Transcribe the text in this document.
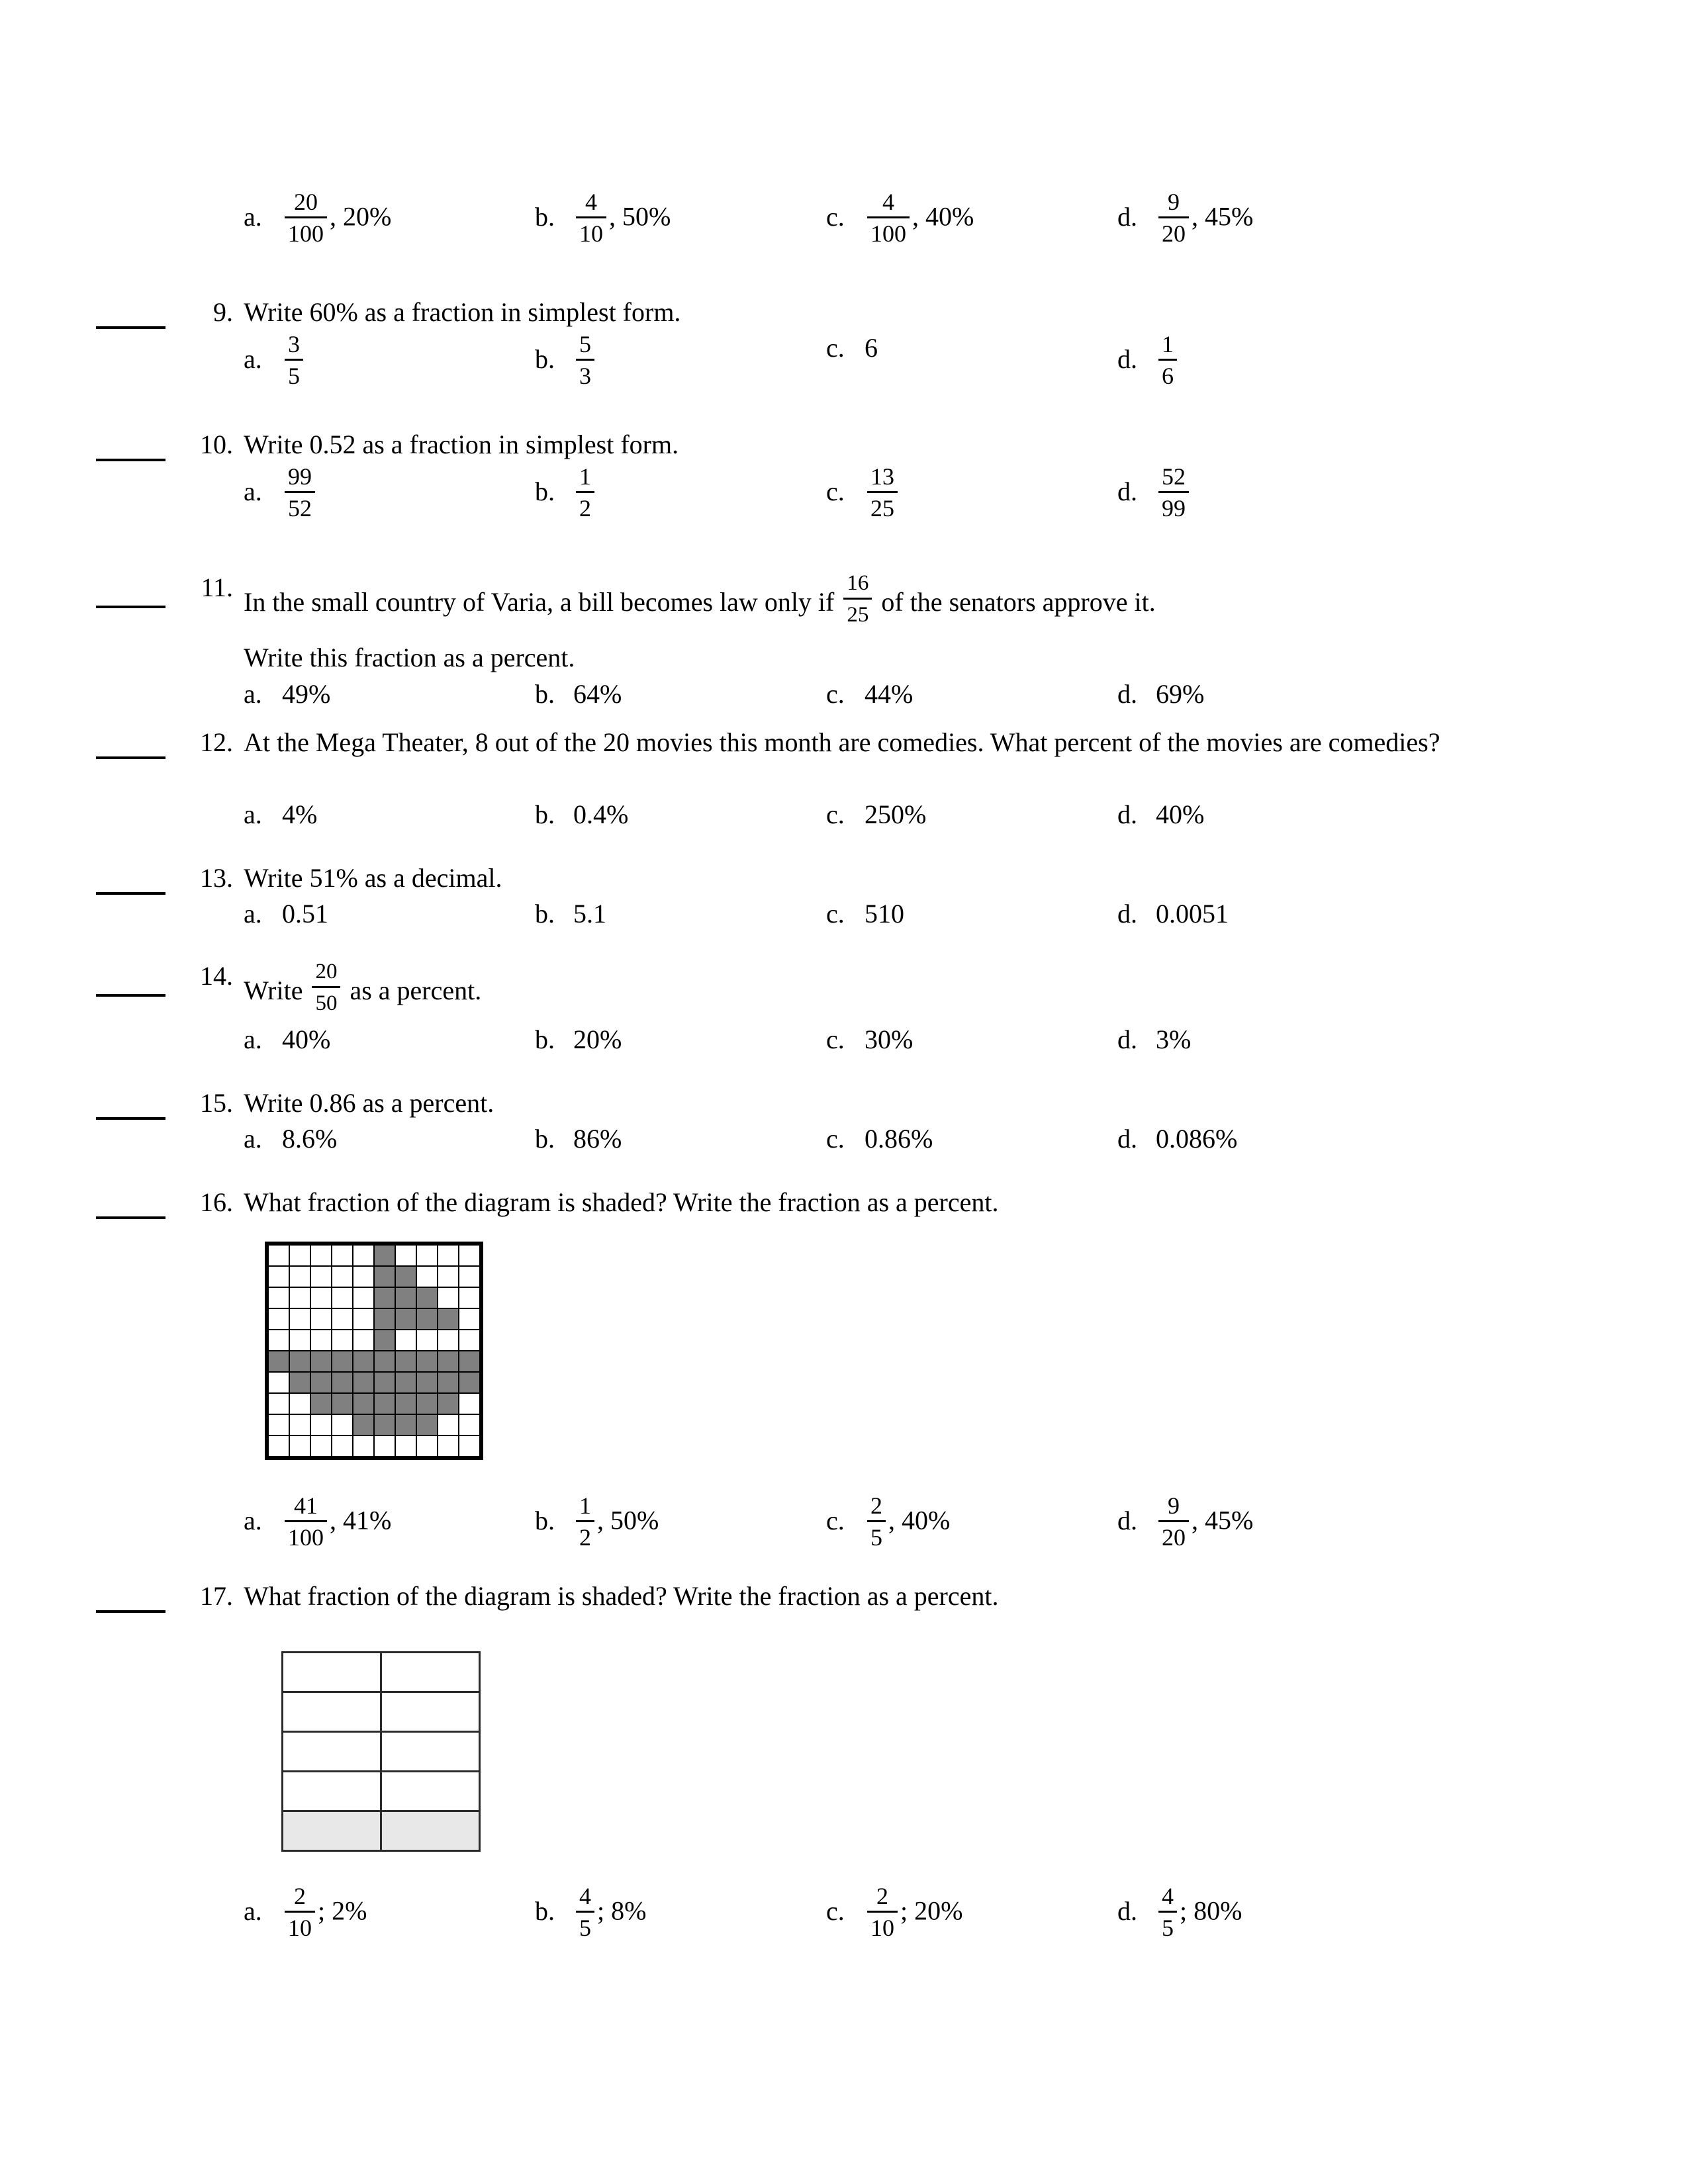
a. $\frac{20}{100}$ , 20%	b. $\frac{4}{10}$ , 50%	c. $\frac{4}{100}$ , 40%	d. $\frac{9}{20}$ , 45%
9. Write 60% as a fraction in simplest form.
a. $\frac{3}{5}$	b. $\frac{5}{3}$	c. 6	d. $\frac{1}{6}$
10. Write 0.52 as a fraction in simplest form.
a. $\frac{99}{52}$	b. $\frac{1}{2}$	c. $\frac{13}{25}$	d. $\frac{52}{99}$
11. In the small country of Varia, a bill becomes law only if $\frac{16}{25}$ of the senators approve it.
Write this fraction as a percent.
a. 49%	b. 64%	c. 44%	d. 69%
12. At the Mega Theater, 8 out of the 20 movies this month are comedies. What percent of the movies are comedies?
a. 4%	b. 0.4%	c. 250%	d. 40%
13. Write 51% as a decimal.
a. 0.51	b. 5.1	c. 510	d. 0.0051
14. Write $\frac{20}{50}$ as a percent.
a. 40%	b. 20%	c. 30%	d. 3%
15. Write 0.86 as a percent.
a. 8.6%	b. 86%	c. 0.86%	d. 0.086%
16. What fraction of the diagram is shaded? Write the fraction as a percent.

a. $\frac{41}{100}$ , 41%	b. $\frac{1}{2}$ , 50%	c. $\frac{2}{5}$ , 40%	d. $\frac{9}{20}$ , 45%
17. What fraction of the diagram is shaded? Write the fraction as a percent.

a. $\frac{2}{10}$ ; 2%	b. $\frac{4}{5}$ ; 8%	c. $\frac{2}{10}$ ; 20%	d. $\frac{4}{5}$ ; 80%
